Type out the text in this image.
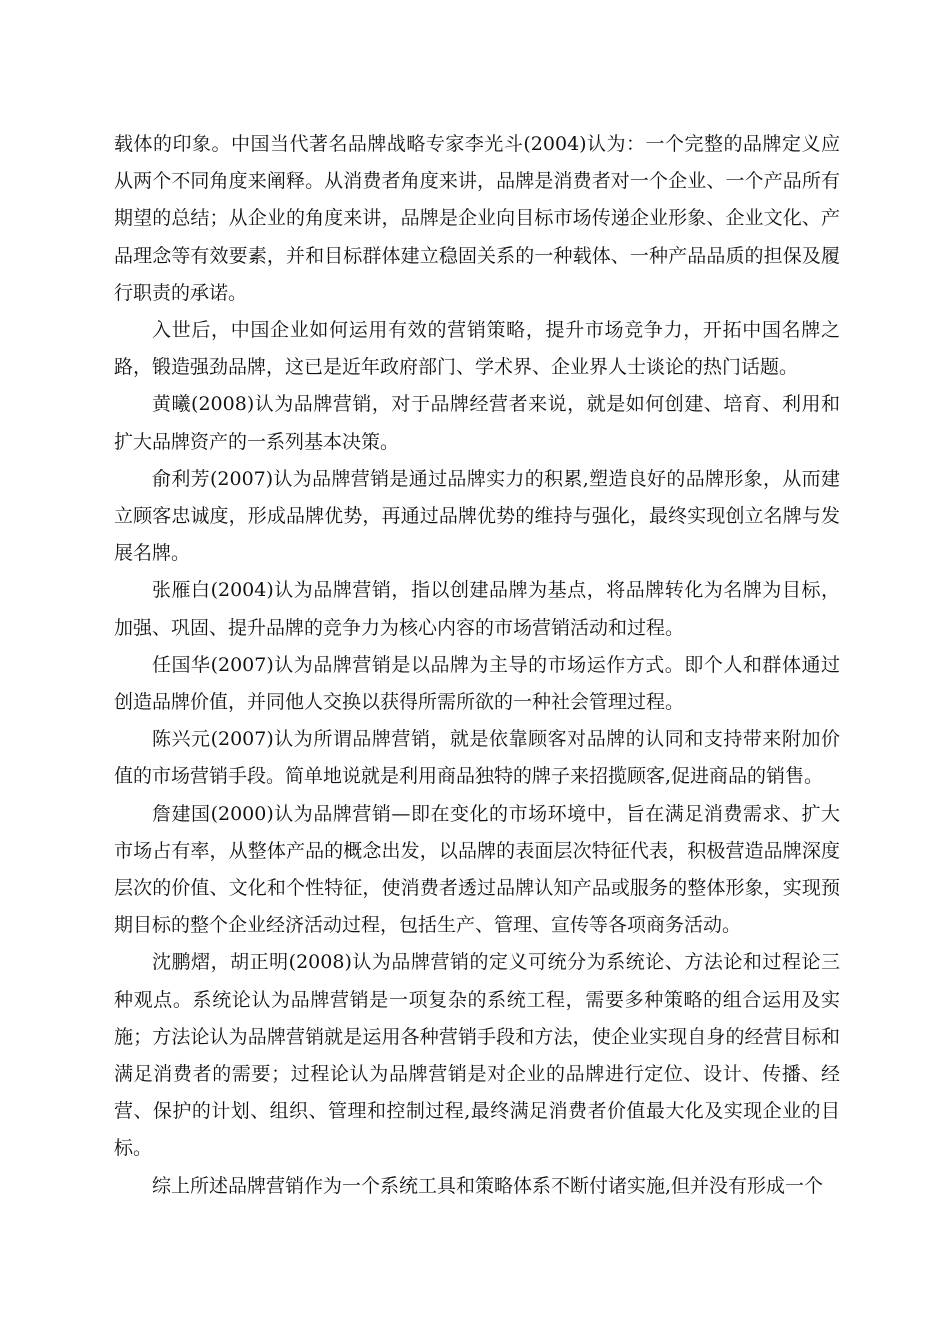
载体的印象。中国当代著名品牌战略专家李光斗(2004)认为：一个完整的品牌定义应从两个不同角度来阐释。从消费者角度来讲，品牌是消费者对一个企业、一个产品所有期望的总结；从企业的角度来讲，品牌是企业向目标市场传递企业形象、企业文化、产品理念等有效要素，并和目标群体建立稳固关系的一种载体、一种产品品质的担保及履行职责的承诺。

入世后，中国企业如何运用有效的营销策略，提升市场竞争力，开拓中国名牌之路，锻造强劲品牌，这已是近年政府部门、学术界、企业界人士谈论的热门话题。

黄曦(2008)认为品牌营销，对于品牌经营者来说，就是如何创建、培育、利用和扩大品牌资产的一系列基本决策。

俞利芳(2007)认为品牌营销是通过品牌实力的积累,塑造良好的品牌形象，从而建立顾客忠诚度，形成品牌优势，再通过品牌优势的维持与强化，最终实现创立名牌与发展名牌。

张雁白(2004)认为品牌营销，指以创建品牌为基点，将品牌转化为名牌为目标，加强、巩固、提升品牌的竞争力为核心内容的市场营销活动和过程。

任国华(2007)认为品牌营销是以品牌为主导的市场运作方式。即个人和群体通过创造品牌价值，并同他人交换以获得所需所欲的一种社会管理过程。

陈兴元(2007)认为所谓品牌营销，就是依靠顾客对品牌的认同和支持带来附加价值的市场营销手段。简单地说就是利用商品独特的牌子来招揽顾客,促进商品的销售。

詹建国(2000)认为品牌营销—即在变化的市场环境中，旨在满足消费需求、扩大市场占有率，从整体产品的概念出发，以品牌的表面层次特征代表，积极营造品牌深度层次的价值、文化和个性特征，使消费者透过品牌认知产品或服务的整体形象，实现预期目标的整个企业经济活动过程，包括生产、管理、宣传等各项商务活动。

沈鹏熠，胡正明(2008)认为品牌营销的定义可统分为系统论、方法论和过程论三种观点。系统论认为品牌营销是一项复杂的系统工程，需要多种策略的组合运用及实施；方法论认为品牌营销就是运用各种营销手段和方法，使企业实现自身的经营目标和满足消费者的需要；过程论认为品牌营销是对企业的品牌进行定位、设计、传播、经营、保护的计划、组织、管理和控制过程,最终满足消费者价值最大化及实现企业的目标。

综上所述品牌营销作为一个系统工具和策略体系不断付诸实施,但并没有形成一个
